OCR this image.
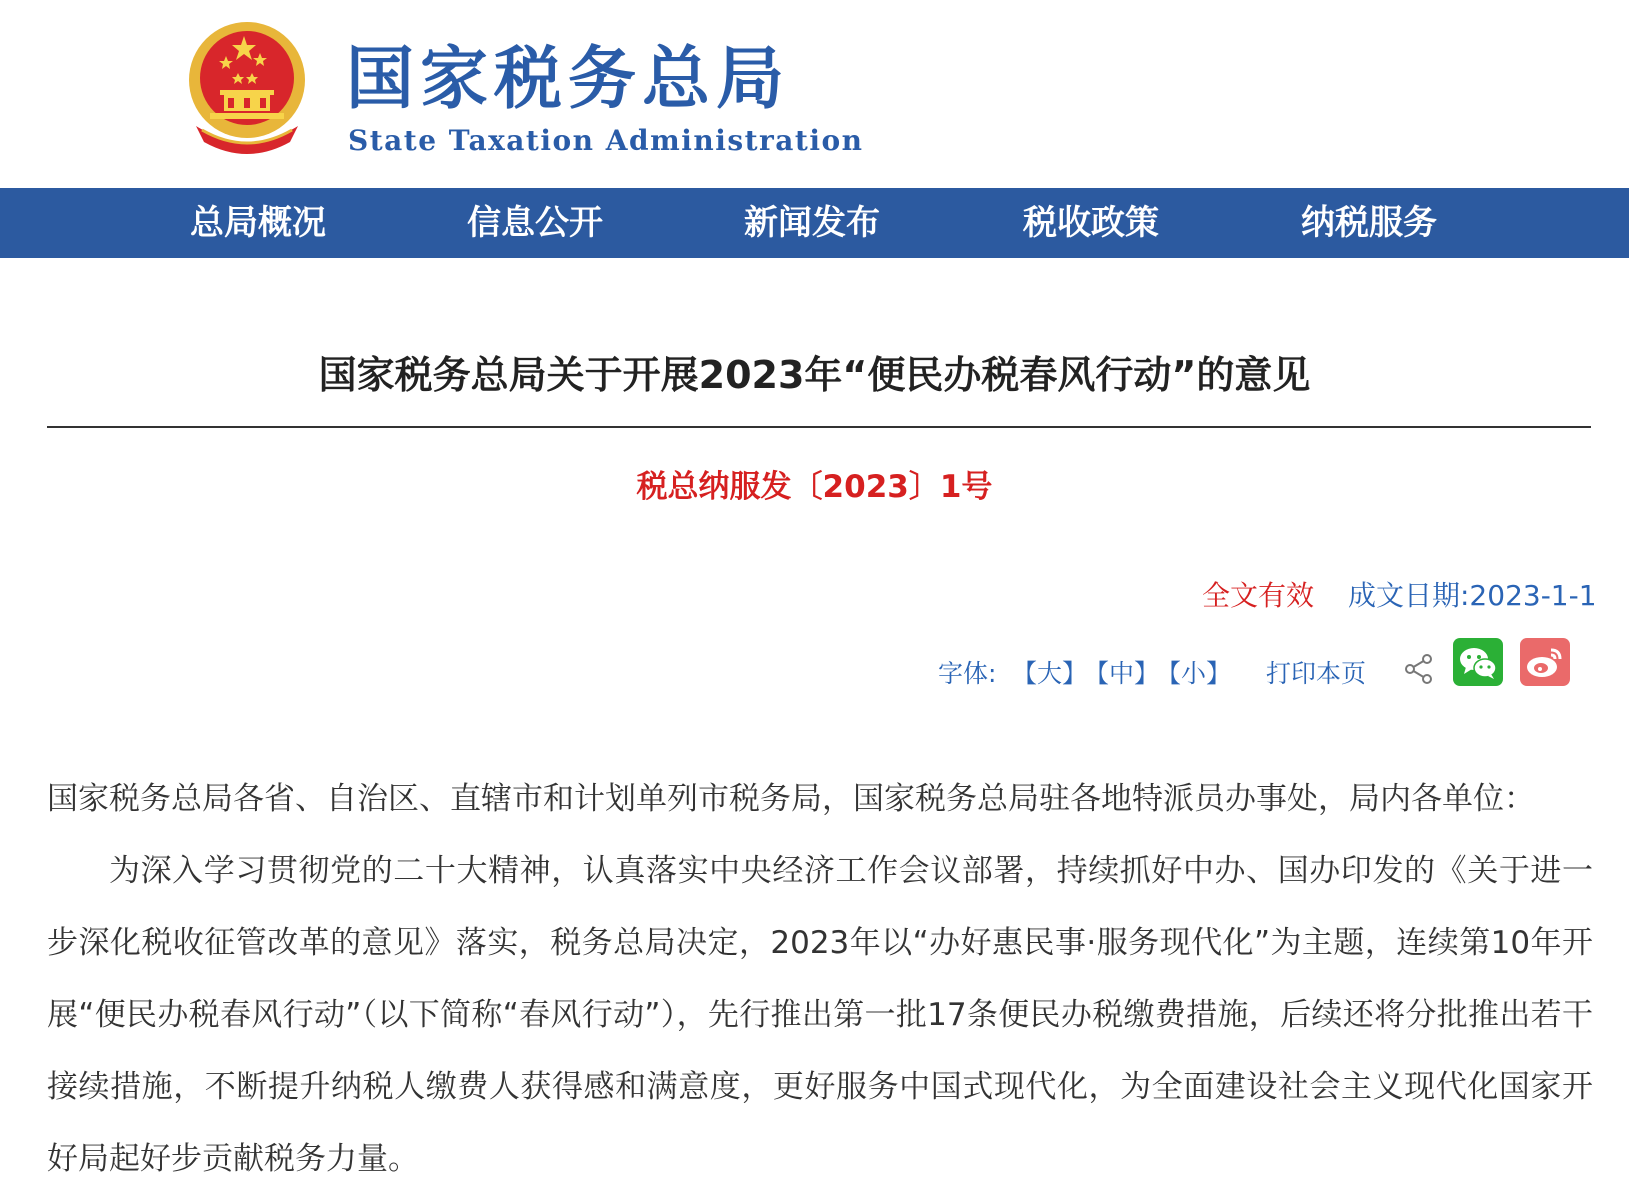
国家税务总局
State Taxation Administration
总局概况	信息公开	新闻发布	税收政策	纳税服务
国家税务总局关于开展2023年“便民办税春风行动”的意见
税总纳服发〔2023〕1号
全文有效 成文日期:2023-1-1
字体: 【大】
【中】
【小】 打印本页

国家税务总局各省、自治区、直辖市和计划单列市税务局，国家税务总局驻各地特派员办事处，局内各单位：

为深入学习贯彻党的二十大精神，认真落实中央经济工作会议部署，持续抓好中办、国办印发的《关于进一步深化税收征管改革的意见》落实，税务总局决定，2023年以“办好惠民事·服务现代化”为主题，连续第10年开展“便民办税春风行动”（以下简称“春风行动”），先行推出第一批17条便民办税缴费措施，后续还将分批推出若干接续措施，不断提升纳税人缴费人获得感和满意度，更好服务中国式现代化，为全面建设社会主义现代化国家开好局起好步贡献税务力量。
